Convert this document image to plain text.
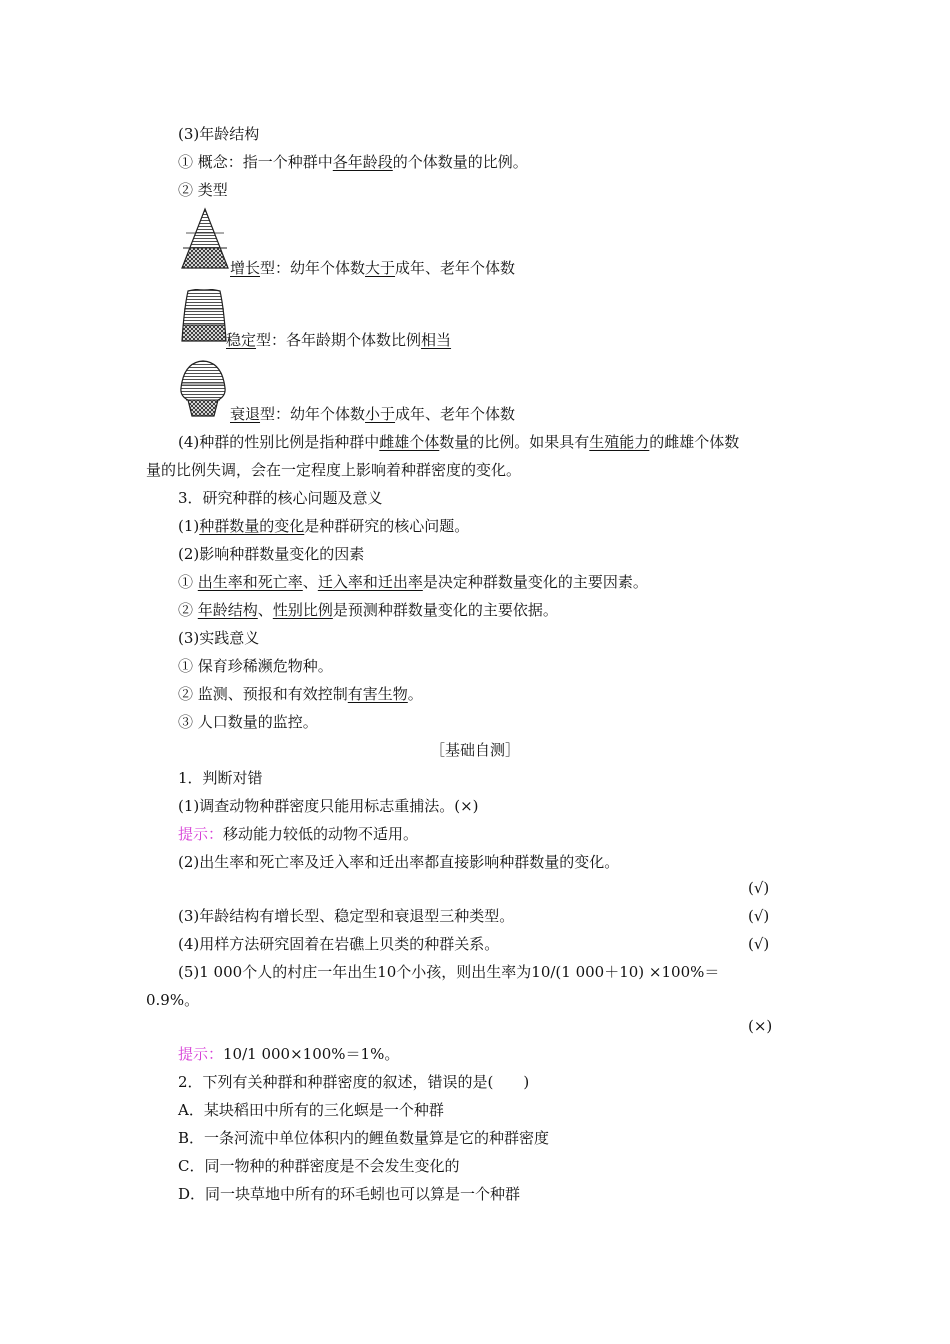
(3)年龄结构
① 概念：指一个种群中各年龄段的个体数量的比例。
② 类型
增长型：幼年个体数大于成年、老年个体数
稳定型：各年龄期个体数比例相当
衰退型：幼年个体数小于成年、老年个体数
(4)种群的性别比例是指种群中雌雄个体数量的比例。如果具有生殖能力的雌雄个体数
量的比例失调，会在一定程度上影响着种群密度的变化。
3．研究种群的核心问题及意义
(1)种群数量的变化是种群研究的核心问题。
(2)影响种群数量变化的因素
① 出生率和死亡率、迁入率和迁出率是决定种群数量变化的主要因素。
② 年龄结构、性别比例是预测种群数量变化的主要依据。
(3)实践意义
① 保育珍稀濒危物种。
② 监测、预报和有效控制有害生物。
③ 人口数量的监控。
［基础自测］
1．判断对错
(1)调查动物种群密度只能用标志重捕法。(×)
提示：移动能力较低的动物不适用。
(2)出生率和死亡率及迁入率和迁出率都直接影响种群数量的变化。
(√)
(3)年龄结构有增长型、稳定型和衰退型三种类型。	(√)
(4)用样方法研究固着在岩礁上贝类的种群关系。	(√)
(5)1 000个人的村庄一年出生10个小孩，则出生率为10/(1 000＋10) ×100%＝
0.9%。
(×)
提示：10/1 000×100%＝1%。
2．下列有关种群和种群密度的叙述，错误的是(　　)
A．某块稻田中所有的三化螟是一个种群
B．一条河流中单位体积内的鲤鱼数量算是它的种群密度
C．同一物种的种群密度是不会发生变化的
D．同一块草地中所有的环毛蚓也可以算是一个种群
